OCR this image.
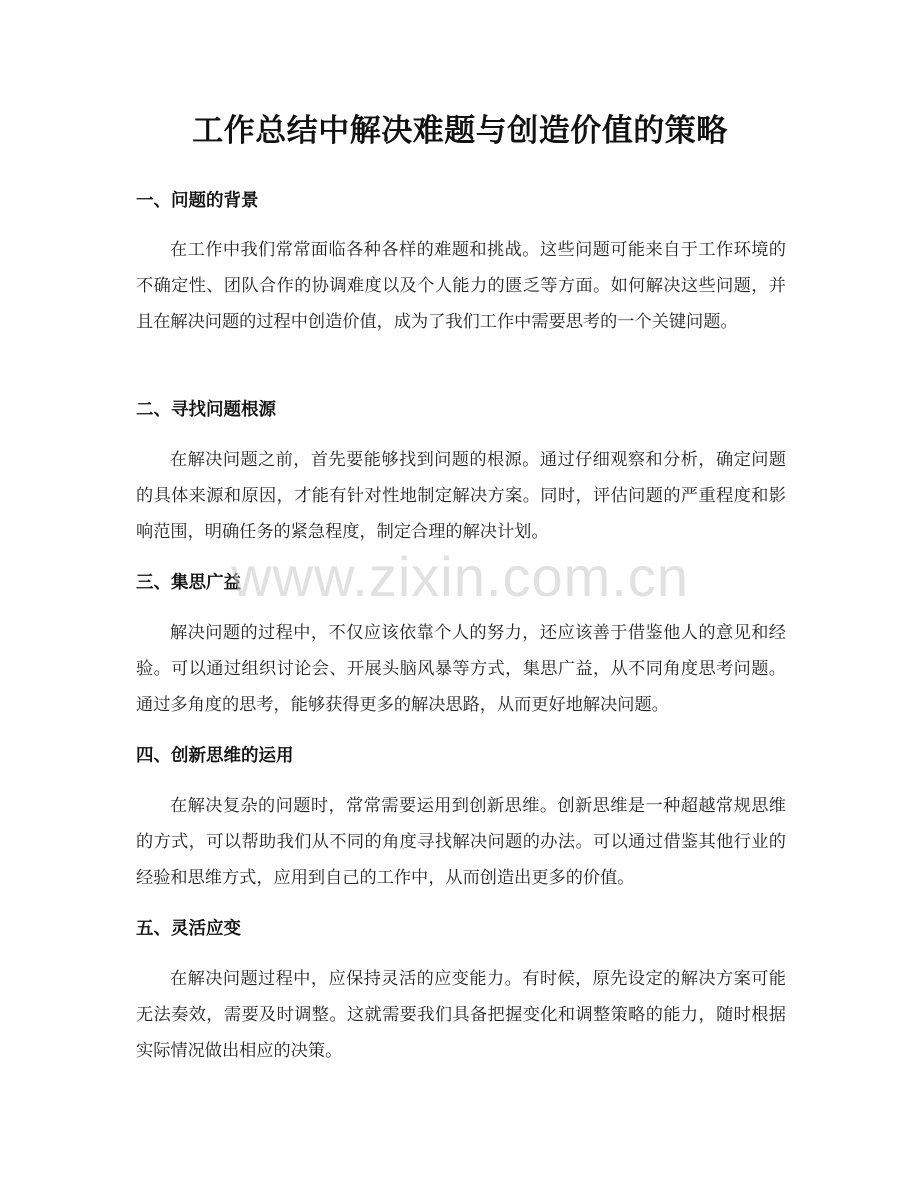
工作总结中解决难题与创造价值的策略
一、问题的背景
在工作中我们常常面临各种各样的难题和挑战。这些问题可能来自于工作环境的不确定性、团队合作的协调难度以及个人能力的匮乏等方面。如何解决这些问题，并且在解决问题的过程中创造价值，成为了我们工作中需要思考的一个关键问题。
二、寻找问题根源
在解决问题之前，首先要能够找到问题的根源。通过仔细观察和分析，确定问题的具体来源和原因，才能有针对性地制定解决方案。同时，评估问题的严重程度和影响范围，明确任务的紧急程度，制定合理的解决计划。
三、集思广益
解决问题的过程中，不仅应该依靠个人的努力，还应该善于借鉴他人的意见和经验。可以通过组织讨论会、开展头脑风暴等方式，集思广益，从不同角度思考问题。通过多角度的思考，能够获得更多的解决思路，从而更好地解决问题。
四、创新思维的运用
在解决复杂的问题时，常常需要运用到创新思维。创新思维是一种超越常规思维的方式，可以帮助我们从不同的角度寻找解决问题的办法。可以通过借鉴其他行业的经验和思维方式，应用到自己的工作中，从而创造出更多的价值。
五、灵活应变
在解决问题过程中，应保持灵活的应变能力。有时候，原先设定的解决方案可能无法奏效，需要及时调整。这就需要我们具备把握变化和调整策略的能力，随时根据实际情况做出相应的决策。
www.zixin.com.cn
